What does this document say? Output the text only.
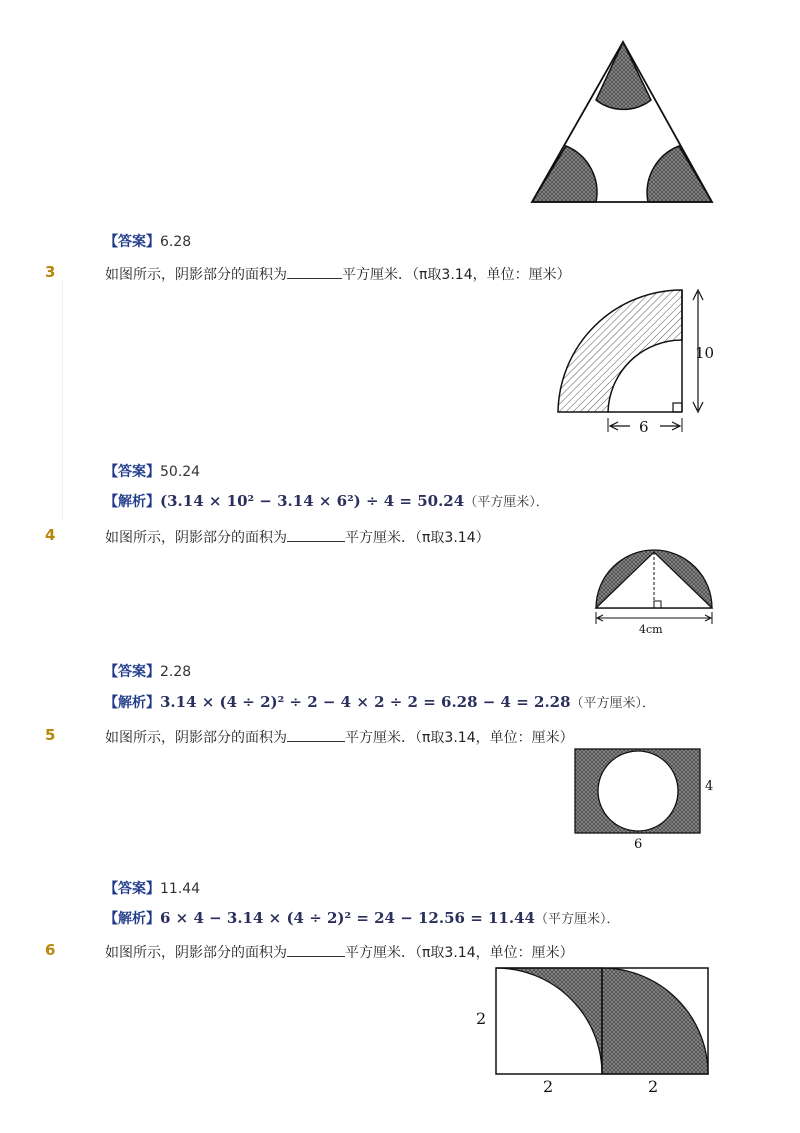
【答案】6.28
3	如图所示，阴影部分的面积为	平方厘米．（π取3.14，单位：厘米）
10
6
【答案】50.24
【解析】(3.14 × 10² − 3.14 × 6²) ÷ 4 = 50.24（平方厘米）．
4	如图所示，阴影部分的面积为	平方厘米．（π取3.14）
4cm
【答案】2.28
【解析】3.14 × (4 ÷ 2)² ÷ 2 − 4 × 2 ÷ 2 = 6.28 − 4 = 2.28（平方厘米）．
5	如图所示，阴影部分的面积为	平方厘米．（π取3.14，单位：厘米）
4
6
【答案】11.44
【解析】6 × 4 − 3.14 × (4 ÷ 2)² = 24 − 12.56 = 11.44（平方厘米）．
6	如图所示，阴影部分的面积为	平方厘米．（π取3.14，单位：厘米）
2
2	2
